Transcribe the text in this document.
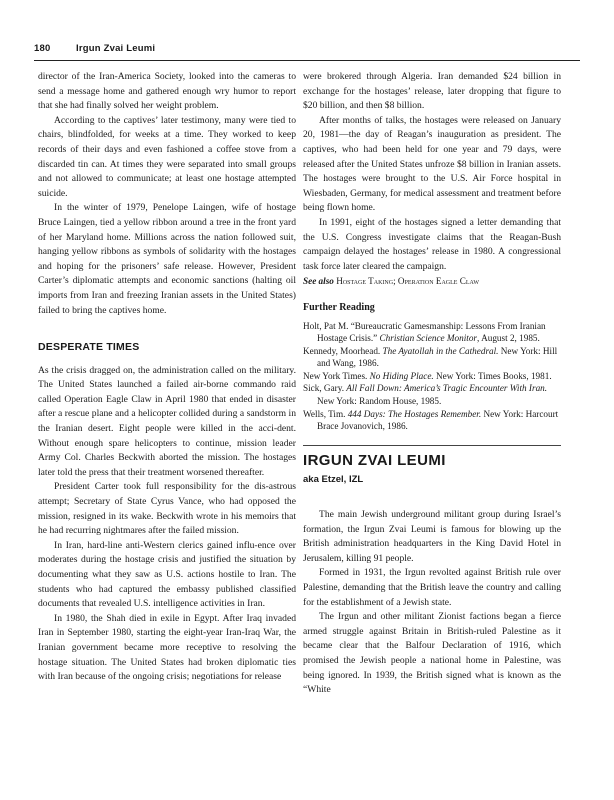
180	Irgun Zvai Leumi

director of the Iran-America Society, looked into the cameras to send a message home and gathered enough wry humor to report that she had finally solved her weight problem.

According to the captives’ later testimony, many were tied to chairs, blindfolded, for weeks at a time. They worked to keep records of their days and even fashioned a coffee stove from a discarded tin can. At times they were separated into small groups and not allowed to communicate; at least one hostage attempted suicide.

In the winter of 1979, Penelope Laingen, wife of hostage Bruce Laingen, tied a yellow ribbon around a tree in the front yard of her Maryland home. Millions across the nation followed suit, hanging yellow ribbons as symbols of solidarity with the hostages and hoping for the prisoners’ safe release. However, President Carter’s diplomatic attempts and economic sanctions (halting oil imports from Iran and freezing Iranian assets in the United States) failed to bring the captives home.

DESPERATE TIMES

As the crisis dragged on, the administration called on the military. The United States launched a failed air-borne commando raid called Operation Eagle Claw in April 1980 that ended in disaster after a rescue plane and a helicopter collided during a sandstorm in the Iranian desert. Eight people were killed in the acci-dent. Without enough spare helicopters to continue, mission leader Army Col. Charles Beckwith aborted the mission. The hostages later told the press that their treatment worsened thereafter.

President Carter took full responsibility for the dis-astrous attempt; Secretary of State Cyrus Vance, who had opposed the mission, resigned in its wake. Beckwith wrote in his memoirs that he had recurring nightmares after the failed mission.

In Iran, hard-line anti-Western clerics gained influ-ence over moderates during the hostage crisis and justified the situation by documenting what they saw as U.S. actions hostile to Iran. The students who had captured the embassy published classified documents that revealed U.S. intelligence activities in Iran.

In 1980, the Shah died in exile in Egypt. After Iraq invaded Iran in September 1980, starting the eight-year Iran-Iraq War, the Iranian government became more receptive to resolving the hostage situation. The United States had broken diplomatic ties with Iran because of the ongoing crisis; negotiations for release

were brokered through Algeria. Iran demanded $24 billion in exchange for the hostages’ release, later dropping that figure to $20 billion, and then $8 billion.

After months of talks, the hostages were released on January 20, 1981—the day of Reagan’s inauguration as president. The captives, who had been held for one year and 79 days, were released after the United States unfroze $8 billion in Iranian assets. The hostages were brought to the U.S. Air Force hospital in Wiesbaden, Germany, for medical assessment and treatment before being flown home.

In 1991, eight of the hostages signed a letter demanding that the U.S. Congress investigate claims that the Reagan-Bush campaign delayed the hostages’ release in 1980. A congressional task force later cleared the campaign.

See also Hostage Taking; Operation Eagle Claw

Further Reading

Holt, Pat M. “Bureaucratic Gamesmanship: Lessons From Iranian Hostage Crisis.” Christian Science Monitor, August 2, 1985.

Kennedy, Moorhead. The Ayatollah in the Cathedral. New York: Hill and Wang, 1986.

New York Times. No Hiding Place. New York: Times Books, 1981.

Sick, Gary. All Fall Down: America’s Tragic Encounter With Iran. New York: Random House, 1985.

Wells, Tim. 444 Days: The Hostages Remember. New York: Harcourt Brace Jovanovich, 1986.

IRGUN ZVAI LEUMI
aka Etzel, IZL

The main Jewish underground militant group during Israel’s formation, the Irgun Zvai Leumi is famous for blowing up the British administration headquarters in the King David Hotel in Jerusalem, killing 91 people.

Formed in 1931, the Irgun revolted against British rule over Palestine, demanding that the British leave the country and calling for the establishment of a Jewish state.

The Irgun and other militant Zionist factions began a fierce armed struggle against Britain in British-ruled Palestine as it became clear that the Balfour Declaration of 1916, which promised the Jewish people a national home in Palestine, was being ignored. In 1939, the British signed what is known as the “White
